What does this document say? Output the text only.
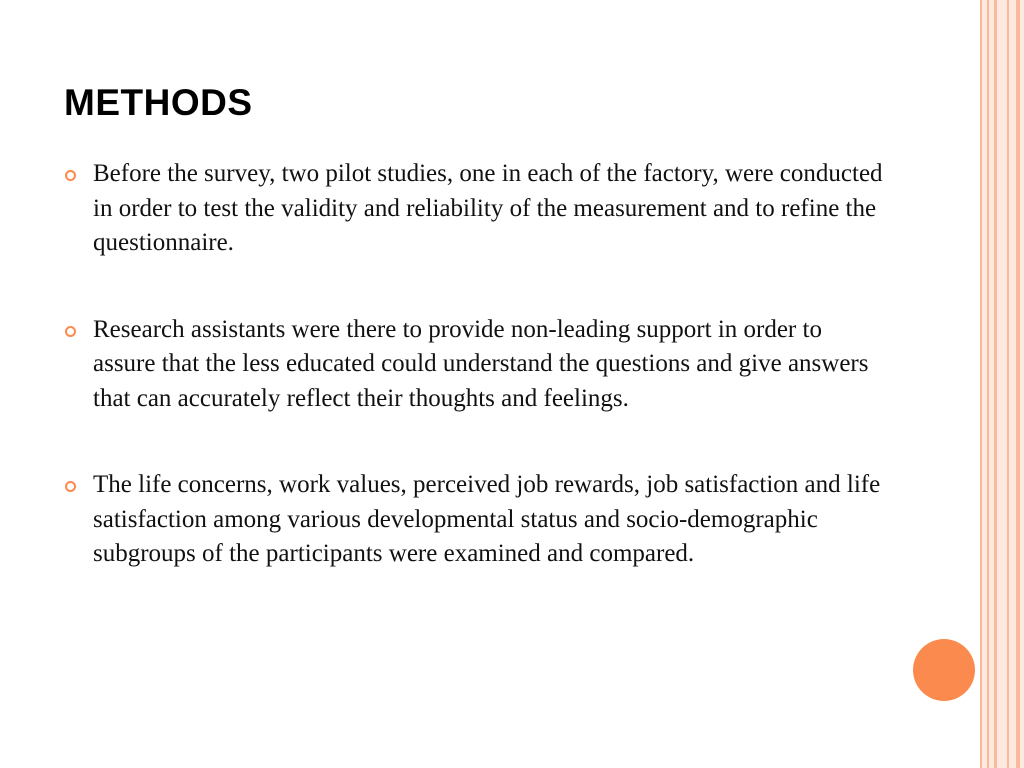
METHODS
Before the survey, two pilot studies, one in each of the factory, were conducted in order to test the validity and reliability of the measurement and to refine the questionnaire.
Research assistants were there to provide non-leading support in order to assure that the less educated could understand the questions and give answers that can accurately reflect their thoughts and feelings.
The life concerns, work values, perceived job rewards, job satisfaction and life satisfaction among various developmental status and socio-demographic subgroups of the participants were examined and compared.
